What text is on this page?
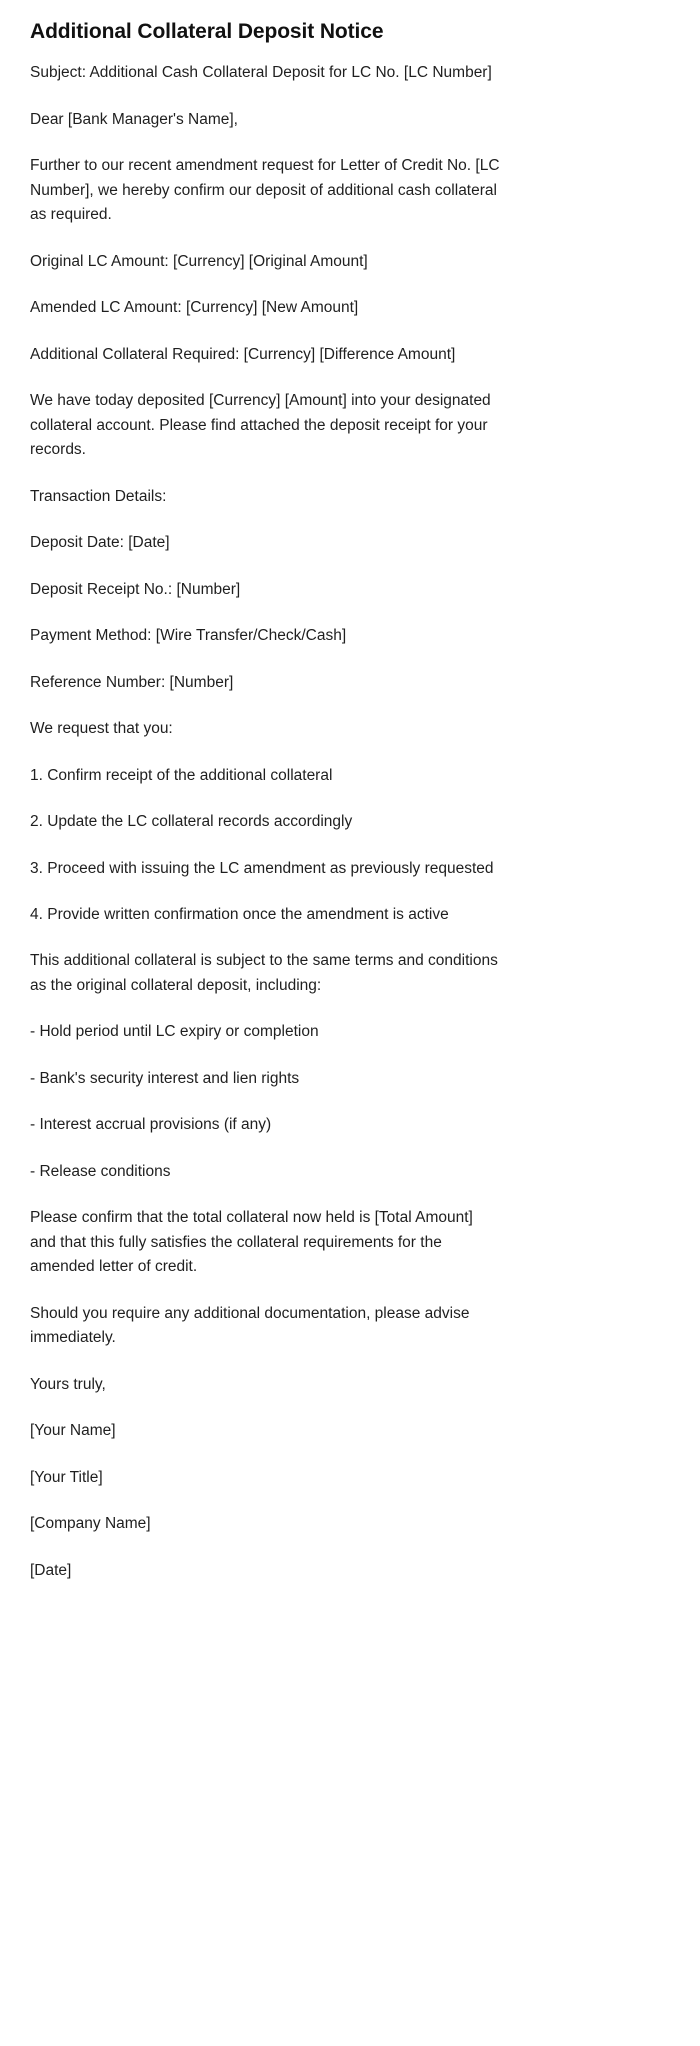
Additional Collateral Deposit Notice

Subject: Additional Cash Collateral Deposit for LC No. [LC Number]

Dear [Bank Manager's Name],

Further to our recent amendment request for Letter of Credit No. [LC Number], we hereby confirm our deposit of additional cash collateral as required.

Original LC Amount: [Currency] [Original Amount]

Amended LC Amount: [Currency] [New Amount]

Additional Collateral Required: [Currency] [Difference Amount]

We have today deposited [Currency] [Amount] into your designated collateral account. Please find attached the deposit receipt for your records.

Transaction Details:

Deposit Date: [Date]

Deposit Receipt No.: [Number]

Payment Method: [Wire Transfer/Check/Cash]

Reference Number: [Number]

We request that you:

1. Confirm receipt of the additional collateral

2. Update the LC collateral records accordingly

3. Proceed with issuing the LC amendment as previously requested

4. Provide written confirmation once the amendment is active

This additional collateral is subject to the same terms and conditions as the original collateral deposit, including:

- Hold period until LC expiry or completion

- Bank's security interest and lien rights

- Interest accrual provisions (if any)

- Release conditions

Please confirm that the total collateral now held is [Total Amount] and that this fully satisfies the collateral requirements for the amended letter of credit.

Should you require any additional documentation, please advise immediately.

Yours truly,

[Your Name]

[Your Title]

[Company Name]

[Date]
